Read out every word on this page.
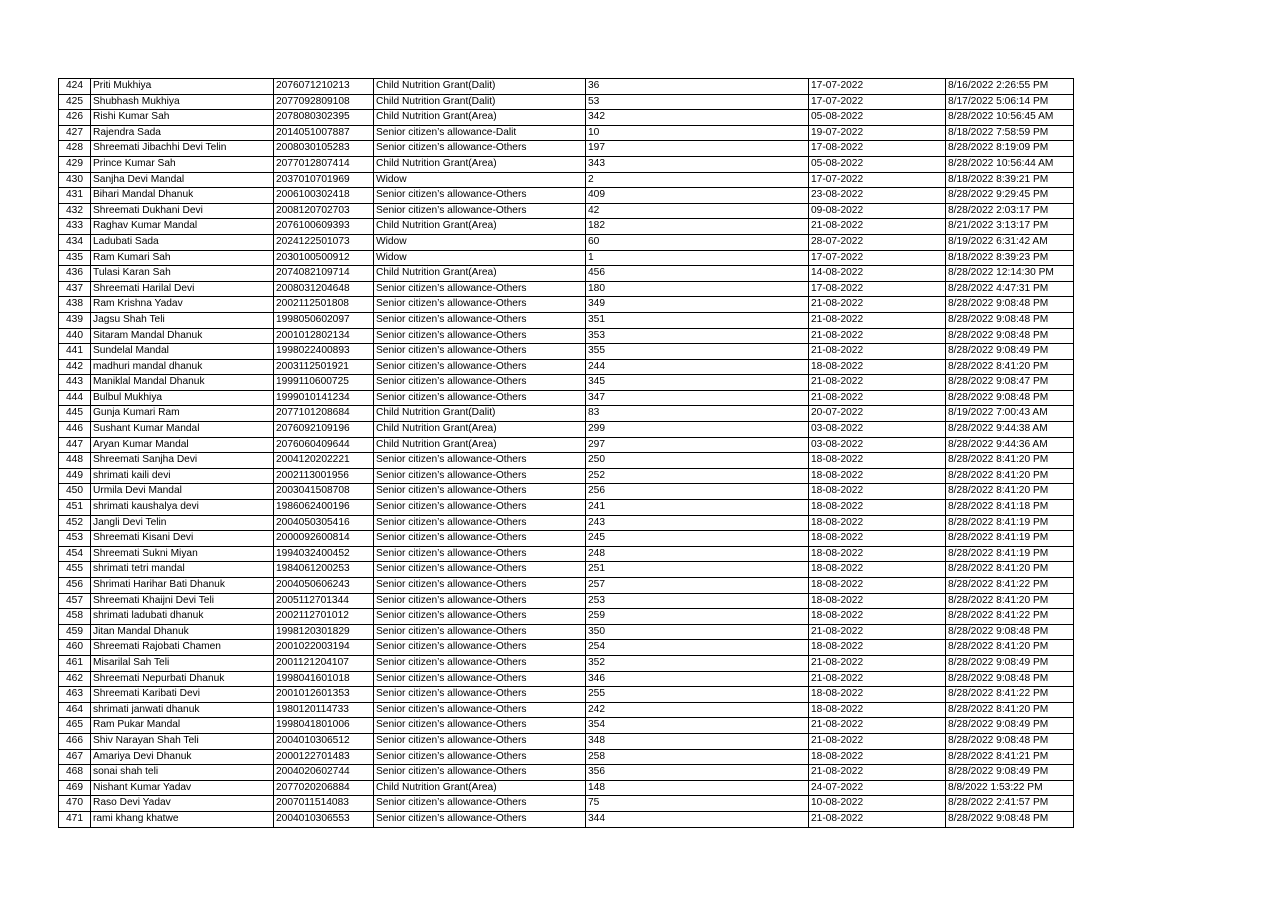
424	Priti Mukhiya	2076071210213	Child Nutrition Grant(Dalit)	36	17-07-2022	8/16/2022 2:26:55 PM
425	Shubhash Mukhiya	2077092809108	Child Nutrition Grant(Dalit)	53	17-07-2022	8/17/2022 5:06:14 PM
426	Rishi Kumar Sah	2078080302395	Child Nutrition Grant(Area)	342	05-08-2022	8/28/2022 10:56:45 AM
427	Rajendra Sada	2014051007887	Senior citizen’s allowance-Dalit	10	19-07-2022	8/18/2022 7:58:59 PM
428	Shreemati Jibachhi Devi Telin	2008030105283	Senior citizen’s allowance-Others	197	17-08-2022	8/28/2022 8:19:09 PM
429	Prince Kumar Sah	2077012807414	Child Nutrition Grant(Area)	343	05-08-2022	8/28/2022 10:56:44 AM
430	Sanjha Devi Mandal	2037010701969	Widow	2	17-07-2022	8/18/2022 8:39:21 PM
431	Bihari Mandal Dhanuk	2006100302418	Senior citizen’s allowance-Others	409	23-08-2022	8/28/2022 9:29:45 PM
432	Shreemati Dukhani Devi	2008120702703	Senior citizen’s allowance-Others	42	09-08-2022	8/28/2022 2:03:17 PM
433	Raghav Kumar Mandal	2076100609393	Child Nutrition Grant(Area)	182	21-08-2022	8/21/2022 3:13:17 PM
434	Ladubati Sada	2024122501073	Widow	60	28-07-2022	8/19/2022 6:31:42 AM
435	Ram Kumari Sah	2030100500912	Widow	1	17-07-2022	8/18/2022 8:39:23 PM
436	Tulasi Karan Sah	2074082109714	Child Nutrition Grant(Area)	456	14-08-2022	8/28/2022 12:14:30 PM
437	Shreemati Harilal Devi	2008031204648	Senior citizen’s allowance-Others	180	17-08-2022	8/28/2022 4:47:31 PM
438	Ram Krishna Yadav	2002112501808	Senior citizen’s allowance-Others	349	21-08-2022	8/28/2022 9:08:48 PM
439	Jagsu Shah Teli	1998050602097	Senior citizen’s allowance-Others	351	21-08-2022	8/28/2022 9:08:48 PM
440	Sitaram Mandal Dhanuk	2001012802134	Senior citizen’s allowance-Others	353	21-08-2022	8/28/2022 9:08:48 PM
441	Sundelal Mandal	1998022400893	Senior citizen’s allowance-Others	355	21-08-2022	8/28/2022 9:08:49 PM
442	madhuri mandal dhanuk	2003112501921	Senior citizen’s allowance-Others	244	18-08-2022	8/28/2022 8:41:20 PM
443	Maniklal Mandal Dhanuk	1999110600725	Senior citizen’s allowance-Others	345	21-08-2022	8/28/2022 9:08:47 PM
444	Bulbul Mukhiya	1999010141234	Senior citizen’s allowance-Others	347	21-08-2022	8/28/2022 9:08:48 PM
445	Gunja Kumari Ram	2077101208684	Child Nutrition Grant(Dalit)	83	20-07-2022	8/19/2022 7:00:43 AM
446	Sushant Kumar Mandal	2076092109196	Child Nutrition Grant(Area)	299	03-08-2022	8/28/2022 9:44:38 AM
447	Aryan Kumar Mandal	2076060409644	Child Nutrition Grant(Area)	297	03-08-2022	8/28/2022 9:44:36 AM
448	Shreemati Sanjha Devi	2004120202221	Senior citizen’s allowance-Others	250	18-08-2022	8/28/2022 8:41:20 PM
449	shrimati kaili devi	2002113001956	Senior citizen’s allowance-Others	252	18-08-2022	8/28/2022 8:41:20 PM
450	Urmila Devi Mandal	2003041508708	Senior citizen’s allowance-Others	256	18-08-2022	8/28/2022 8:41:20 PM
451	shrimati kaushalya devi	1986062400196	Senior citizen’s allowance-Others	241	18-08-2022	8/28/2022 8:41:18 PM
452	Jangli Devi Telin	2004050305416	Senior citizen’s allowance-Others	243	18-08-2022	8/28/2022 8:41:19 PM
453	Shreemati Kisani Devi	2000092600814	Senior citizen’s allowance-Others	245	18-08-2022	8/28/2022 8:41:19 PM
454	Shreemati Sukni Miyan	1994032400452	Senior citizen’s allowance-Others	248	18-08-2022	8/28/2022 8:41:19 PM
455	shrimati tetri mandal	1984061200253	Senior citizen’s allowance-Others	251	18-08-2022	8/28/2022 8:41:20 PM
456	Shrimati Harihar Bati Dhanuk	2004050606243	Senior citizen’s allowance-Others	257	18-08-2022	8/28/2022 8:41:22 PM
457	Shreemati Khaijni Devi Teli	2005112701344	Senior citizen’s allowance-Others	253	18-08-2022	8/28/2022 8:41:20 PM
458	shrimati ladubati dhanuk	2002112701012	Senior citizen’s allowance-Others	259	18-08-2022	8/28/2022 8:41:22 PM
459	Jitan Mandal Dhanuk	1998120301829	Senior citizen’s allowance-Others	350	21-08-2022	8/28/2022 9:08:48 PM
460	Shreemati Rajobati Chamen	2001022003194	Senior citizen’s allowance-Others	254	18-08-2022	8/28/2022 8:41:20 PM
461	Misarilal Sah Teli	2001121204107	Senior citizen’s allowance-Others	352	21-08-2022	8/28/2022 9:08:49 PM
462	Shreemati Nepurbati Dhanuk	1998041601018	Senior citizen’s allowance-Others	346	21-08-2022	8/28/2022 9:08:48 PM
463	Shreemati Karibati Devi	2001012601353	Senior citizen’s allowance-Others	255	18-08-2022	8/28/2022 8:41:22 PM
464	shrimati janwati dhanuk	1980120114733	Senior citizen’s allowance-Others	242	18-08-2022	8/28/2022 8:41:20 PM
465	Ram Pukar Mandal	1998041801006	Senior citizen’s allowance-Others	354	21-08-2022	8/28/2022 9:08:49 PM
466	Shiv Narayan Shah Teli	2004010306512	Senior citizen’s allowance-Others	348	21-08-2022	8/28/2022 9:08:48 PM
467	Amariya Devi Dhanuk	2000122701483	Senior citizen’s allowance-Others	258	18-08-2022	8/28/2022 8:41:21 PM
468	sonai shah teli	2004020602744	Senior citizen’s allowance-Others	356	21-08-2022	8/28/2022 9:08:49 PM
469	Nishant Kumar Yadav	2077020206884	Child Nutrition Grant(Area)	148	24-07-2022	8/8/2022 1:53:22 PM
470	Raso Devi Yadav	2007011514083	Senior citizen’s allowance-Others	75	10-08-2022	8/28/2022 2:41:57 PM
471	rami khang khatwe	2004010306553	Senior citizen’s allowance-Others	344	21-08-2022	8/28/2022 9:08:48 PM
